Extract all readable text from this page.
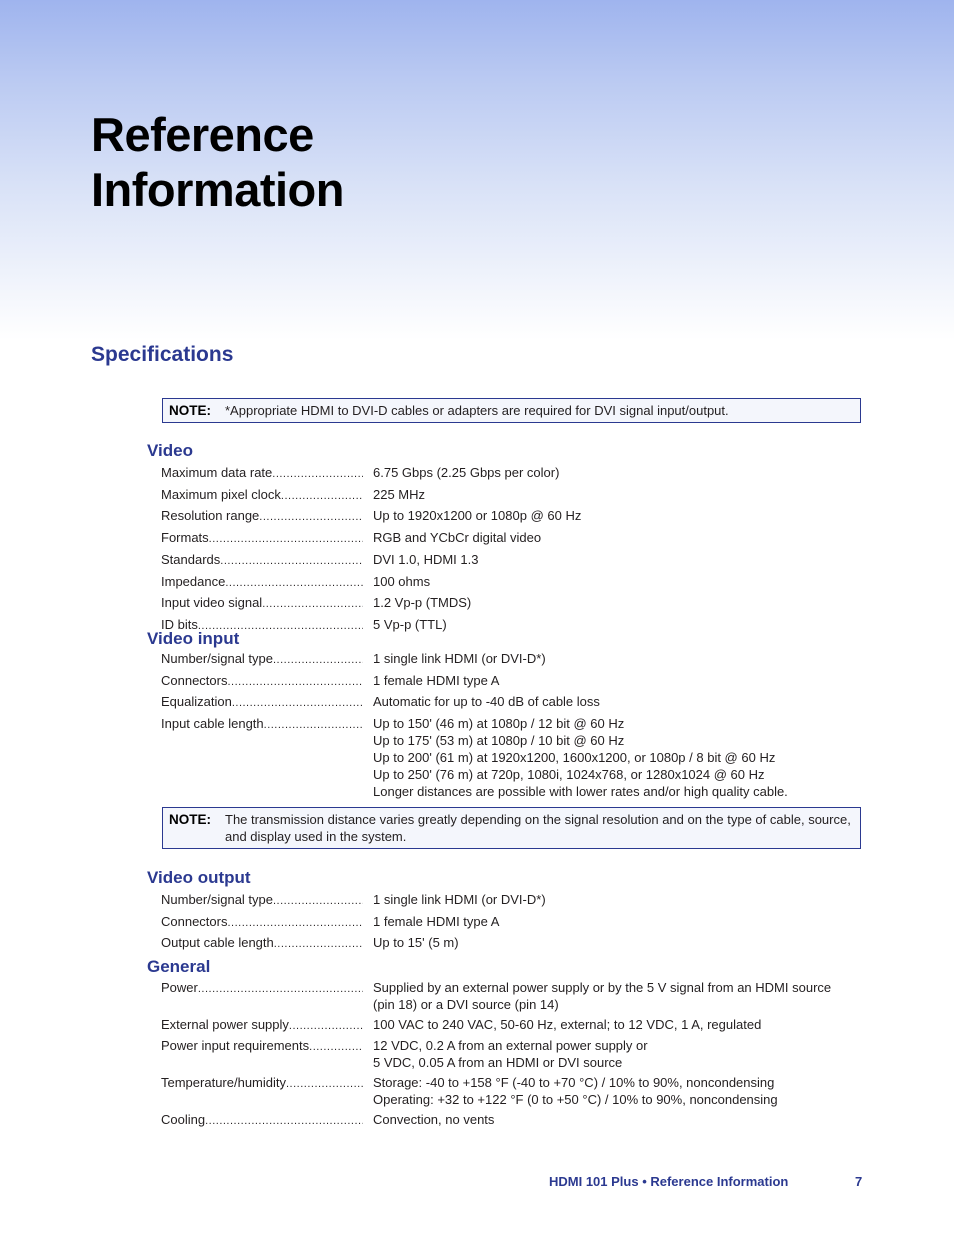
Reference
Information
Specifications
NOTE:	*Appropriate HDMI to DVI-D cables or adapters are required for DVI signal input/output.
Video
Maximum data rate .....	6.75 Gbps (2.25 Gbps per color)
Maximum pixel clock .....	225 MHz
Resolution range .....	Up to 1920x1200 or 1080p @ 60 Hz
Formats .....	RGB and YCbCr digital video
Standards .....	DVI 1.0, HDMI 1.3
Impedance .....	100 ohms
Input video signal .....	1.2 Vp-p (TMDS)
ID bits .....	5 Vp-p (TTL)
Video input
Number/signal type .....	1 single link HDMI (or DVI-D*)
Connectors .....	1 female HDMI type A
Equalization .....	Automatic for up to -40 dB of cable loss
Input cable length .....	Up to 150' (46 m) at 1080p / 12 bit @ 60 Hz
Up to 175' (53 m) at 1080p / 10 bit @ 60 Hz
Up to 200' (61 m) at 1920x1200, 1600x1200, or 1080p / 8 bit @ 60 Hz
Up to 250' (76 m) at 720p, 1080i, 1024x768, or 1280x1024 @ 60 Hz
Longer distances are possible with lower rates and/or high quality cable.
NOTE:	The transmission distance varies greatly depending on the signal resolution and on the type of cable, source, and display used in the system.
Video output
Number/signal type .....	1 single link HDMI (or DVI-D*)
Connectors .....	1 female HDMI type A
Output cable length .....	Up to 15' (5 m)
General
Power .....	Supplied by an external power supply or by the 5 V signal from an HDMI source
(pin 18) or a DVI source (pin 14)
External power supply .....	100 VAC to 240 VAC, 50-60 Hz, external; to 12 VDC, 1 A, regulated
Power input requirements .....	12 VDC, 0.2 A from an external power supply or
5 VDC, 0.05 A from an HDMI or DVI source
Temperature/humidity .....	Storage: -40 to +158 °F (-40 to +70 °C) / 10% to 90%, noncondensing
Operating: +32 to +122 °F (0 to +50 °C) / 10% to 90%, noncondensing
Cooling .....	Convection, no vents
HDMI 101 Plus • Reference Information	7
